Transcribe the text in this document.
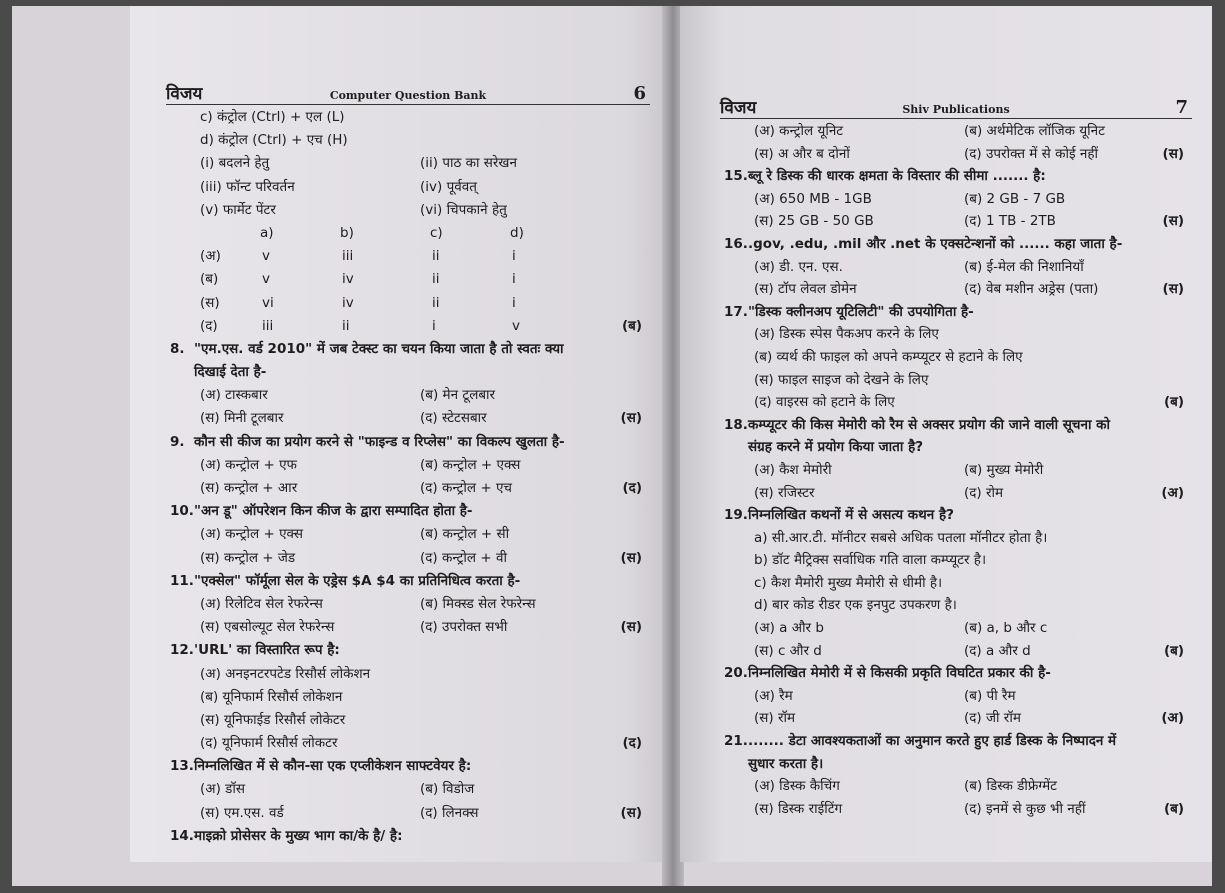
विजय	Computer Question Bank	6
c) कंट्रोल (Ctrl) + एल (L)
d) कंट्रोल (Ctrl) + एच (H)
(i) बदलने हेतु	(ii) पाठ का सरेखन
(iii) फॉन्ट परिवर्तन	(iv) पूर्ववत्
(v) फार्मेट पेंटर	(vi) चिपकाने हेतु
a)	b)	c)	d)
(अ)	v	iii	ii	i
(ब)	v	iv	ii	i
(स)	vi	iv	ii	i
(द)	iii	ii	i	v	(ब)
8. "एम.एस. वर्ड 2010" में जब टेक्स्ट का चयन किया जाता है तो स्वतः क्या
दिखाई देता है-
(अ) टास्कबार	(ब) मेन टूलबार
(स) मिनी टूलबार	(द) स्टेटसबार	(स)
9. कौन सी कीज का प्रयोग करने से "फाइन्ड व रिप्लेस" का विकल्प खुलता है-
(अ) कन्ट्रोल + एफ	(ब) कन्ट्रोल + एक्स
(स) कन्ट्रोल + आर	(द) कन्ट्रोल + एच	(द)
10."अन डू" ऑपरेशन किन कीज के द्वारा सम्पादित होता है-
(अ) कन्ट्रोल + एक्स	(ब) कन्ट्रोल + सी
(स) कन्ट्रोल + जेड	(द) कन्ट्रोल + वी	(स)
11."एक्सेल" फॉर्मूला सेल के एड्रेस $A $4 का प्रतिनिधित्व करता है-
(अ) रिलेटिव सेल रेफरेन्स	(ब) मिक्स्ड सेल रेफरेन्स
(स) एबसोल्यूट सेल रेफरेन्स	(द) उपरोक्त सभी	(स)
12.'URL' का विस्तारित रूप है:
(अ) अनइनटरपटेड रिसौर्स लोकेशन
(ब) यूनिफार्म रिसौर्स लोकेशन
(स) यूनिफाईड रिसौर्स लोकेटर
(द) यूनिफार्म रिसौर्स लोकटर	(द)
13.निम्नलिखित में से कौन-सा एक एप्लीकेशन साफ्टवेयर है:
(अ) डॉस	(ब) विडोज
(स) एम.एस. वर्ड	(द) लिनक्स	(स)
14.माइक्रो प्रोसेसर के मुख्य भाग का/के है/ है:
विजय	Shiv Publications	7
(अ) कन्ट्रोल यूनिट	(ब) अर्थमेटिक लॉजिक यूनिट
(स) अ और ब दोनों	(द) उपरोक्त में से कोई नहीं	(स)
15.ब्लू रे डिस्क की धारक क्षमता के विस्तार की सीमा ....... है:
(अ) 650 MB - 1GB	(ब) 2 GB - 7 GB
(स) 25 GB - 50 GB	(द) 1 TB - 2TB	(स)
16..gov, .edu, .mil और .net के एक्सटेन्शनों को ...... कहा जाता है-
(अ) डी. एन. एस.	(ब) ई-मेल की निशानियाँ
(स) टॉप लेवल डोमेन	(द) वेब मशीन अड्रेस (पता)	(स)
17."डिस्क क्लीनअप यूटिलिटी" की उपयोगिता है-
(अ) डिस्क स्पेस पैकअप करने के लिए
(ब) व्यर्थ की फाइल को अपने कम्प्यूटर से हटाने के लिए
(स) फाइल साइज को देखने के लिए
(द) वाइरस को हटाने के लिए	(ब)
18.कम्प्यूटर की किस मेमोरी को रैम से अक्सर प्रयोग की जाने वाली सूचना को
संग्रह करने में प्रयोग किया जाता है?
(अ) कैश मेमोरी	(ब) मुख्य मेमोरी
(स) रजिस्टर	(द) रोम	(अ)
19.निम्नलिखित कथनों में से असत्य कथन है?
a) सी.आर.टी. मॉनीटर सबसे अधिक पतला मॉनीटर होता है।
b) डॉट मैट्रिक्स सर्वाधिक गति वाला कम्प्यूटर है।
c) कैश मैमोरी मुख्य मैमोरी से धीमी है।
d) बार कोड रीडर एक इनपुट उपकरण है।
(अ) a और b	(ब) a, b और c
(स) c और d	(द) a और d	(ब)
20.निम्नलिखित मेमोरी में से किसकी प्रकृति विघटित प्रकार की है-
(अ) रैम	(ब) पी रैम
(स) रॉम	(द) जी रॉम	(अ)
21........ डेटा आवश्यकताओं का अनुमान करते हुए हार्ड डिस्क के निष्पादन में
सुधार करता है।
(अ) डिस्क कैचिंग	(ब) डिस्क डीफ्रेग्मेंट
(स) डिस्क राईटिंग	(द) इनमें से कुछ भी नहीं	(ब)
